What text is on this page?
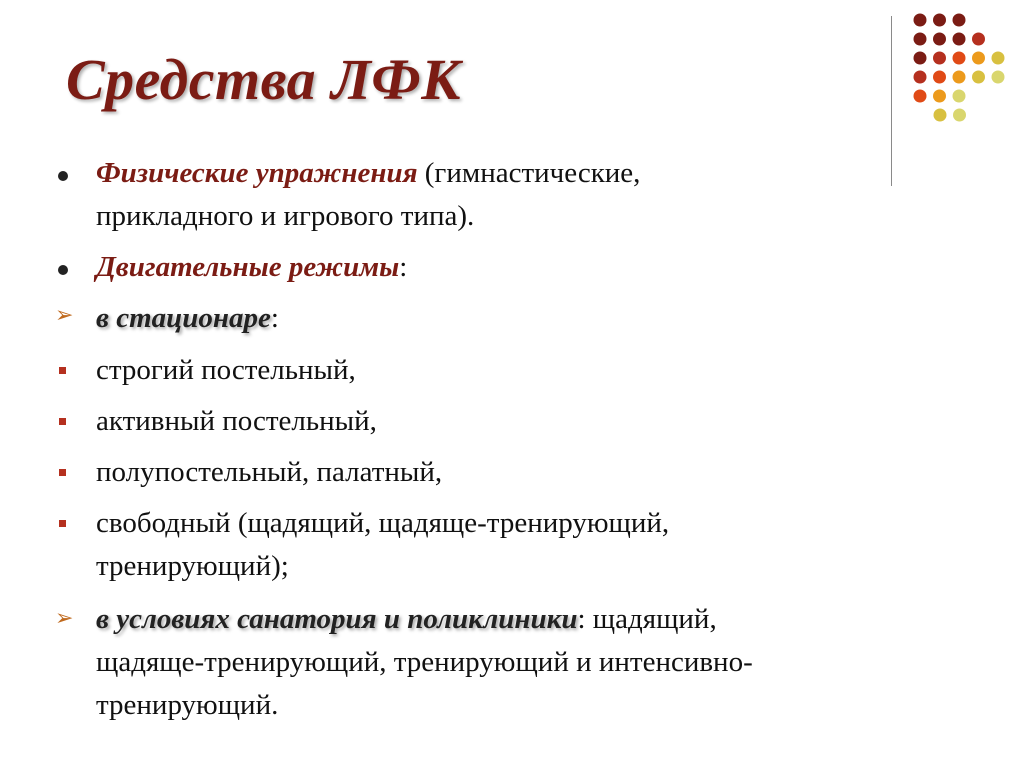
Средства ЛФК
Физические упражнения (гимнастические,
прикладного и игрового типа).
Двигательные режимы:
➢ в стационаре:
строгий постельный,
активный постельный,
полупостельный, палатный,
свободный (щадящий, щадяще-тренирующий,
тренирующий);
➢ в условиях санатория и поликлиники: щадящий,
щадяще-тренирующий, тренирующий и интенсивно-
тренирующий.
